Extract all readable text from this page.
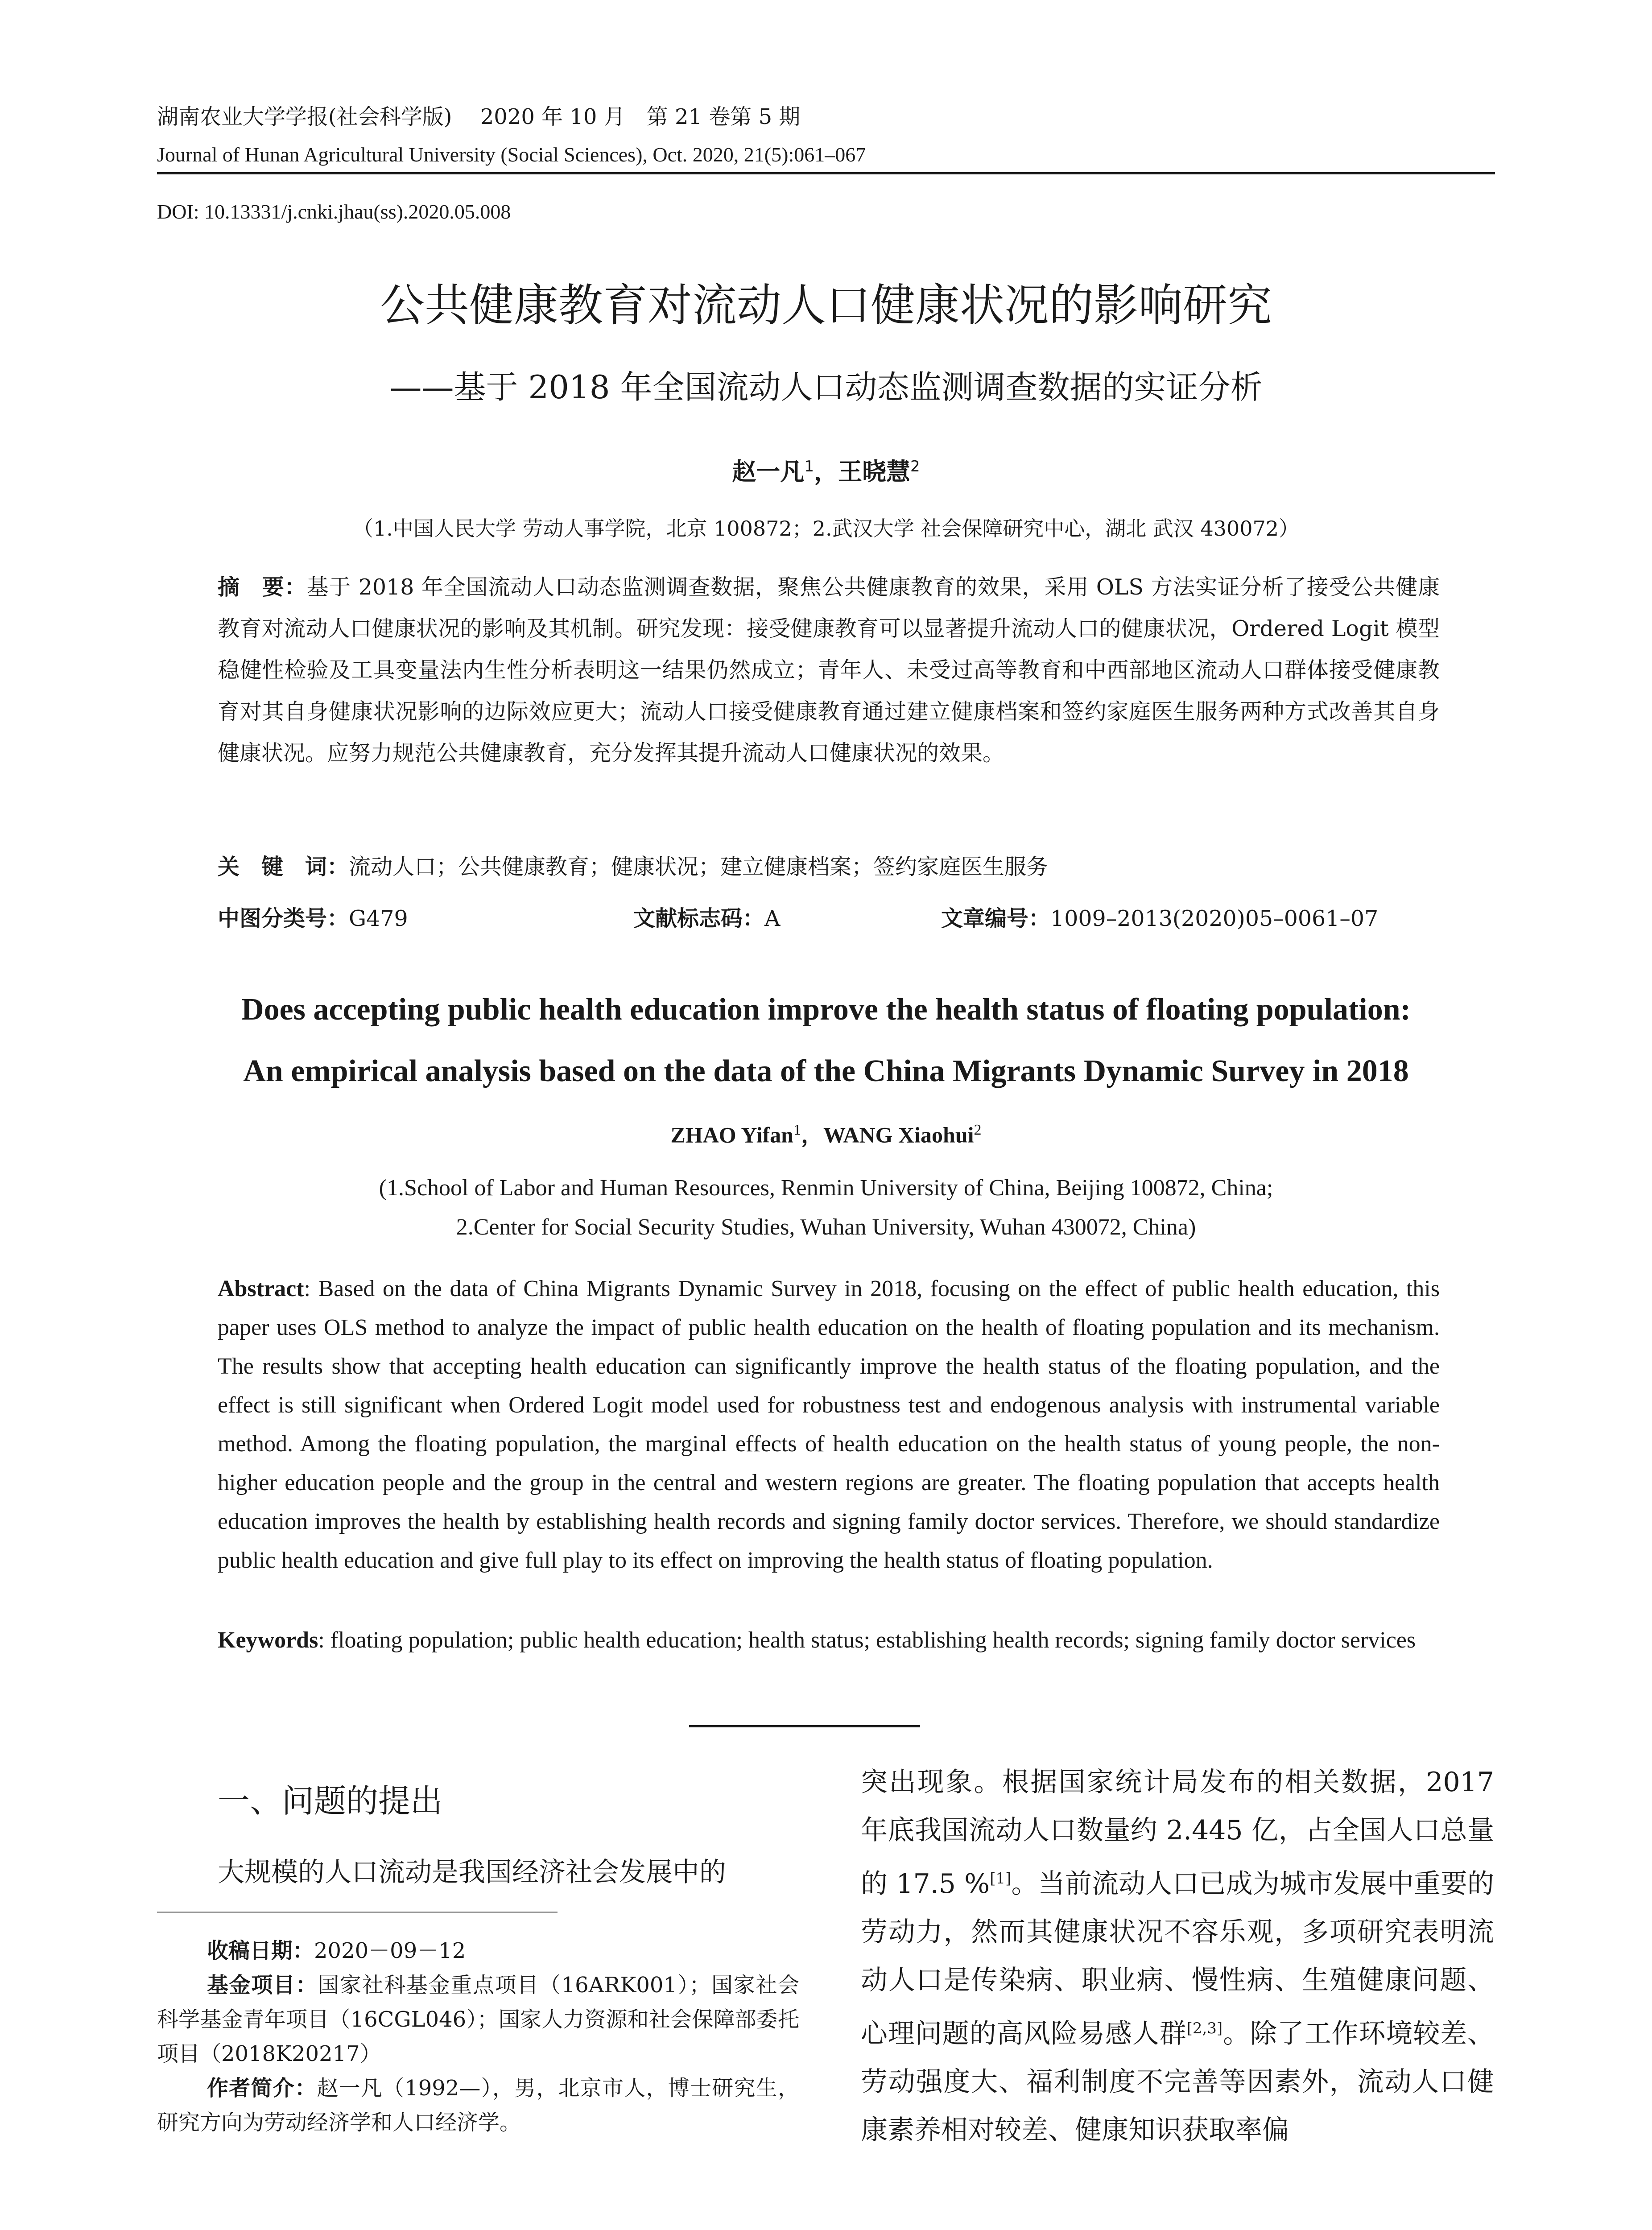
湖南农业大学学报(社会科学版)　 2020 年 10 月　第 21 卷第 5 期
Journal of Hunan Agricultural University (Social Sciences), Oct. 2020, 21(5):061–067
DOI: 10.13331/j.cnki.jhau(ss).2020.05.008
公共健康教育对流动人口健康状况的影响研究
——基于 2018 年全国流动人口动态监测调查数据的实证分析
赵一凡$^1$，王晓慧$^2$
（1.中国人民大学 劳动人事学院，北京 100872；2.武汉大学 社会保障研究中心，湖北 武汉 430072）
摘　要：基于 2018 年全国流动人口动态监测调查数据，聚焦公共健康教育的效果，采用 OLS 方法实证分析了接受公共健康教育对流动人口健康状况的影响及其机制。研究发现：接受健康教育可以显著提升流动人口的健康状况，Ordered Logit 模型稳健性检验及工具变量法内生性分析表明这一结果仍然成立；青年人、未受过高等教育和中西部地区流动人口群体接受健康教育对其自身健康状况影响的边际效应更大；流动人口接受健康教育通过建立健康档案和签约家庭医生服务两种方式改善其自身健康状况。应努力规范公共健康教育，充分发挥其提升流动人口健康状况的效果。
关　键　词：流动人口；公共健康教育；健康状况；建立健康档案；签约家庭医生服务
中图分类号：G479	文献标志码：A	文章编号：1009–2013(2020)05–0061–07
Does accepting public health education improve the health status of floating population:
An empirical analysis based on the data of the China Migrants Dynamic Survey in 2018
ZHAO Yifan$^1$，WANG Xiaohui$^2$
(1.School of Labor and Human Resources, Renmin University of China, Beijing 100872, China;
2.Center for Social Security Studies, Wuhan University, Wuhan 430072, China)
Abstract: Based on the data of China Migrants Dynamic Survey in 2018, focusing on the effect of public health education, this paper uses OLS method to analyze the impact of public health education on the health of floating population and its mechanism. The results show that accepting health education can significantly improve the health status of the floating population, and the effect is still significant when Ordered Logit model used for robustness test and endogenous analysis with instrumental variable method. Among the floating population, the marginal effects of health education on the health status of young people, the non-higher education people and the group in the central and western regions are greater. The floating population that accepts health education improves the health by establishing health records and signing family doctor services. Therefore, we should standardize public health education and give full play to its effect on improving the health status of floating population.
Keywords: floating population; public health education; health status; establishing health records; signing family doctor services
一、问题的提出
大规模的人口流动是我国经济社会发展中的

收稿日期：2020－09－12

基金项目：国家社科基金重点项目（16ARK001）；国家社会科学基金青年项目（16CGL046）；国家人力资源和社会保障部委托项目（2018K20217）

作者简介：赵一凡（1992—），男，北京市人，博士研究生，研究方向为劳动经济学和人口经济学。

突出现象。根据国家统计局发布的相关数据，2017 年底我国流动人口数量约 2.445 亿，占全国人口总量的 17.5 %[1]。当前流动人口已成为城市发展中重要的劳动力，然而其健康状况不容乐观，多项研究表明流动人口是传染病、职业病、慢性病、生殖健康问题、心理问题的高风险易感人群[2,3]。除了工作环境较差、劳动强度大、福利制度不完善等因素外，流动人口健康素养相对较差、健康知识获取率偏
